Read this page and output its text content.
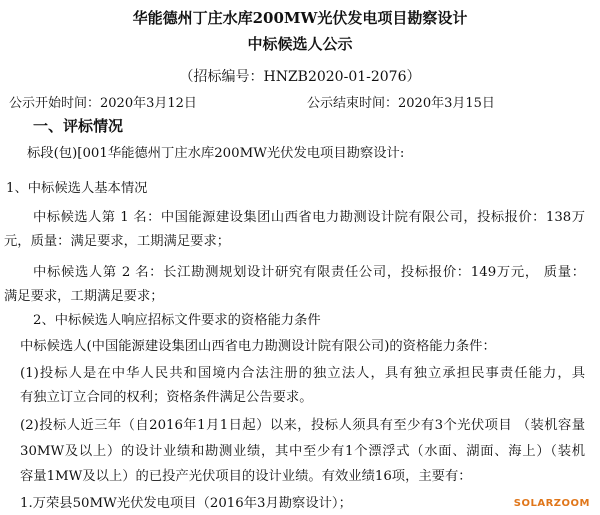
华能德州丁庄水库200MW光伏发电项目勘察设计
中标候选人公示
（招标编号：HNZB2020-01-2076）
公示开始时间：2020年3月12日	公示结束时间：2020年3月15日
一、评标情况
标段(包)[001华能德州丁庄水库200MW光伏发电项目勘察设计:
1、中标候选人基本情况
中标候选人第 1 名：中国能源建设集团山西省电力勘测设计院有限公司，投标报价：138万
元，质量：满足要求，工期满足要求；
中标候选人第 2 名：长江勘测规划设计研究有限责任公司，投标报价：149万元， 质量：
满足要求，工期满足要求；
2、中标候选人响应招标文件要求的资格能力条件
中标候选人(中国能源建设集团山西省电力勘测设计院有限公司)的资格能力条件：
(1)投标人是在中华人民共和国境内合法注册的独立法人，具有独立承担民事责任能力，具
有独立订立合同的权利；资格条件满足公告要求。
(2)投标人近三年（自2016年1月1日起）以来，投标人须具有至少有3个光伏项目 （装机容量
30MW及以上）的设计业绩和勘测业绩，其中至少有1个漂浮式（水面、湖面、海上）（装机
容量1MW及以上）的已投产光伏项目的设计业绩。有效业绩16项，主要有：
1.万荣县50MW光伏发电项目（2016年3月勘察设计）；	SOLARZOOM
